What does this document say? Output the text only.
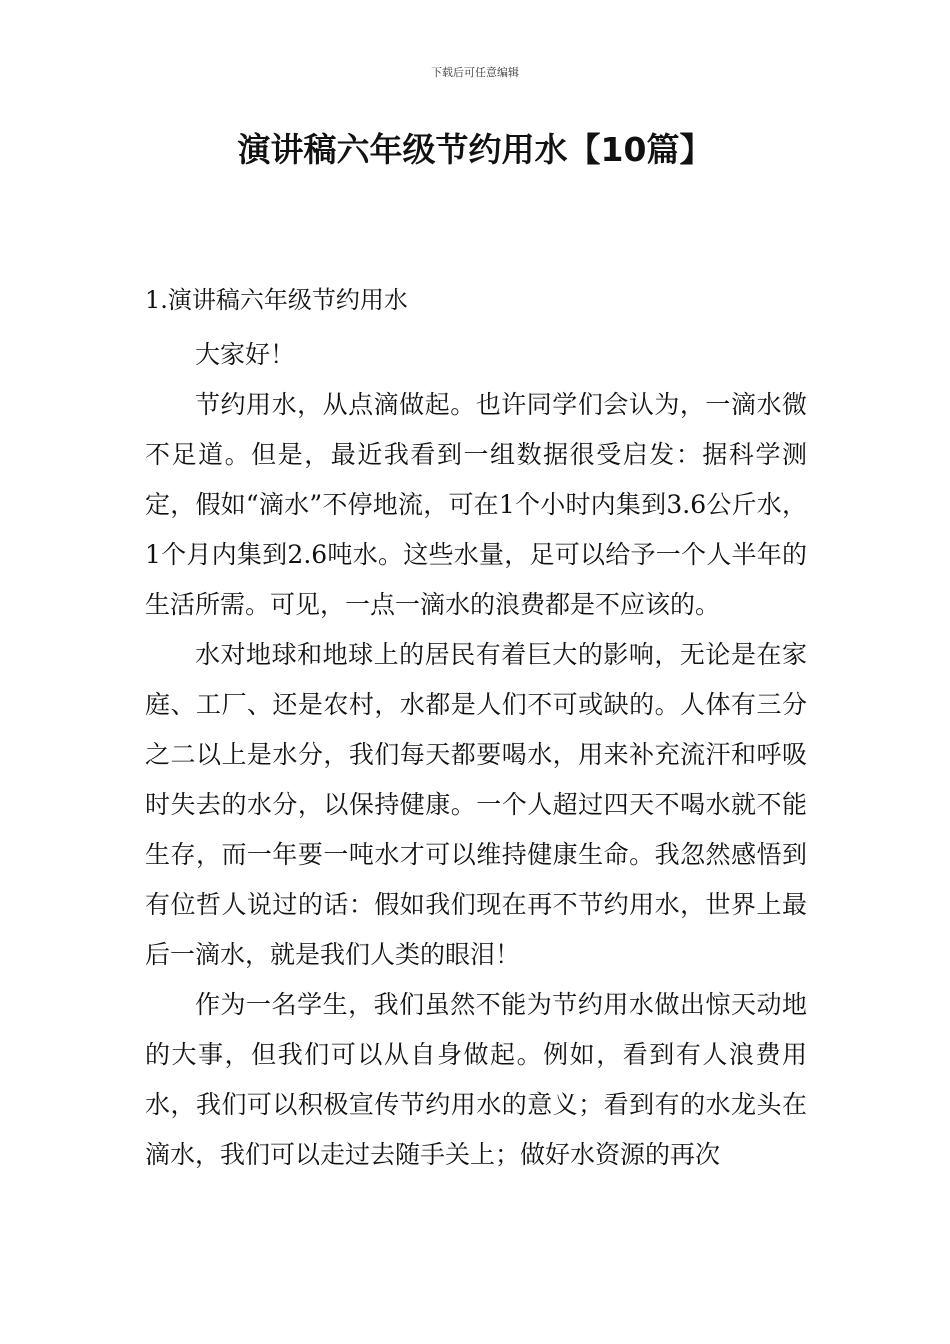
下载后可任意编辑
演讲稿六年级节约用水【10篇】
1.演讲稿六年级节约用水

大家好！

节约用水，从点滴做起。也许同学们会认为，一滴水微不足道。但是，最近我看到一组数据很受启发：据科学测定，假如“滴水”不停地流，可在1个小时内集到3.6公斤水，1个月内集到2.6吨水。这些水量，足可以给予一个人半年的生活所需。可见，一点一滴水的浪费都是不应该的。

水对地球和地球上的居民有着巨大的影响，无论是在家庭、工厂、还是农村，水都是人们不可或缺的。人体有三分之二以上是水分，我们每天都要喝水，用来补充流汗和呼吸时失去的水分，以保持健康。一个人超过四天不喝水就不能生存，而一年要一吨水才可以维持健康生命。我忽然感悟到有位哲人说过的话：假如我们现在再不节约用水，世界上最后一滴水，就是我们人类的眼泪！

作为一名学生，我们虽然不能为节约用水做出惊天动地的大事，但我们可以从自身做起。例如，看到有人浪费用水，我们可以积极宣传节约用水的意义；看到有的水龙头在滴水，我们可以走过去随手关上；做好水资源的再次
